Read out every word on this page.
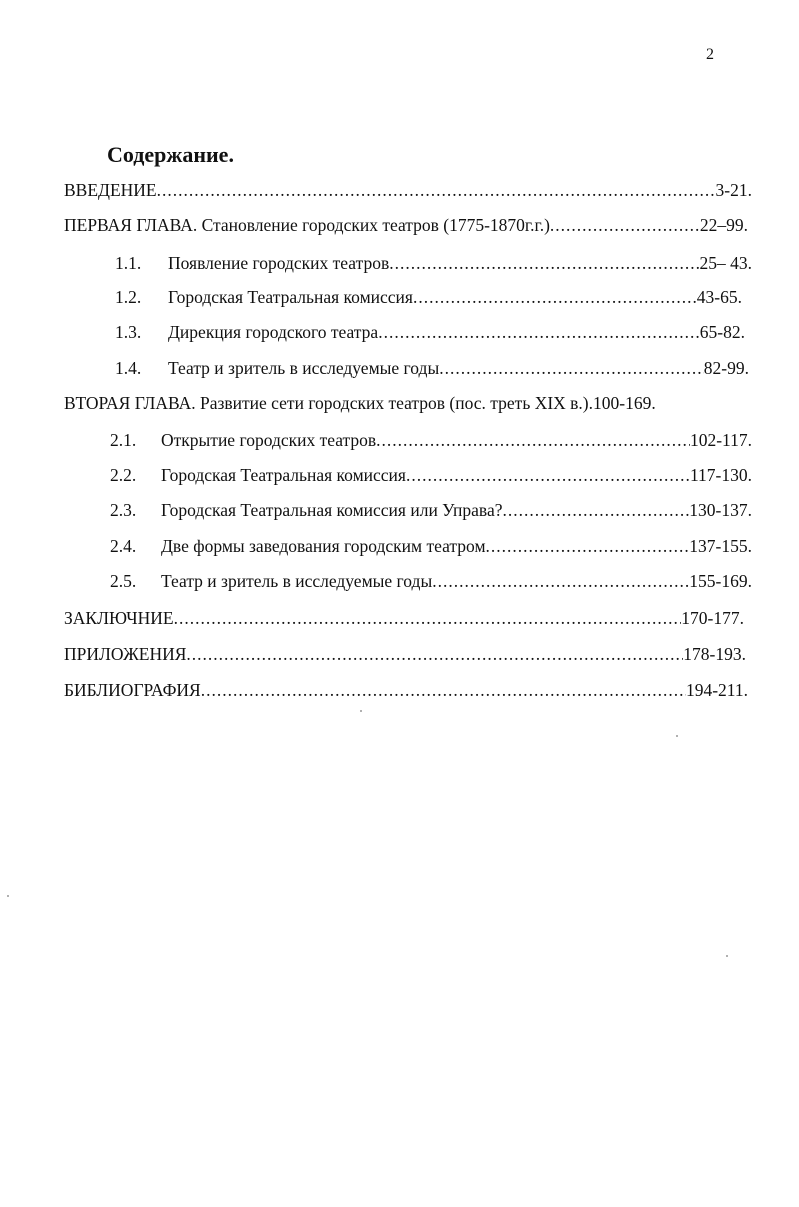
2
Содержание.
ВВЕДЕНИЕ .....	3-21.
ПЕРВАЯ ГЛАВА. Становление городских театров (1775-1870г.г.) .....	22–99.
1.1.	Появление городских театров .....	25– 43.
1.2.	Городская Театральная комиссия .....	43-65.
1.3.	Дирекция городского театра .....	65-82.
1.4.	Театр и зритель в исследуемые годы .....	82-99.
ВТОРАЯ ГЛАВА. Развитие сети городских театров (пос. треть XIX в.). 100-169.
2.1.	Открытие городских театров .....	102-117.
2.2.	Городская Театральная комиссия .....	117-130.
2.3.	Городская Театральная комиссия или Управа? .....	130-137.
2.4.	Две формы заведования городским театром .....	137-155.
2.5.	Театр и зритель в исследуемые годы .....	155-169.
ЗАКЛЮЧНИЕ .....	170-177.
ПРИЛОЖЕНИЯ .....	178-193.
БИБЛИОГРАФИЯ .....	194-211.
